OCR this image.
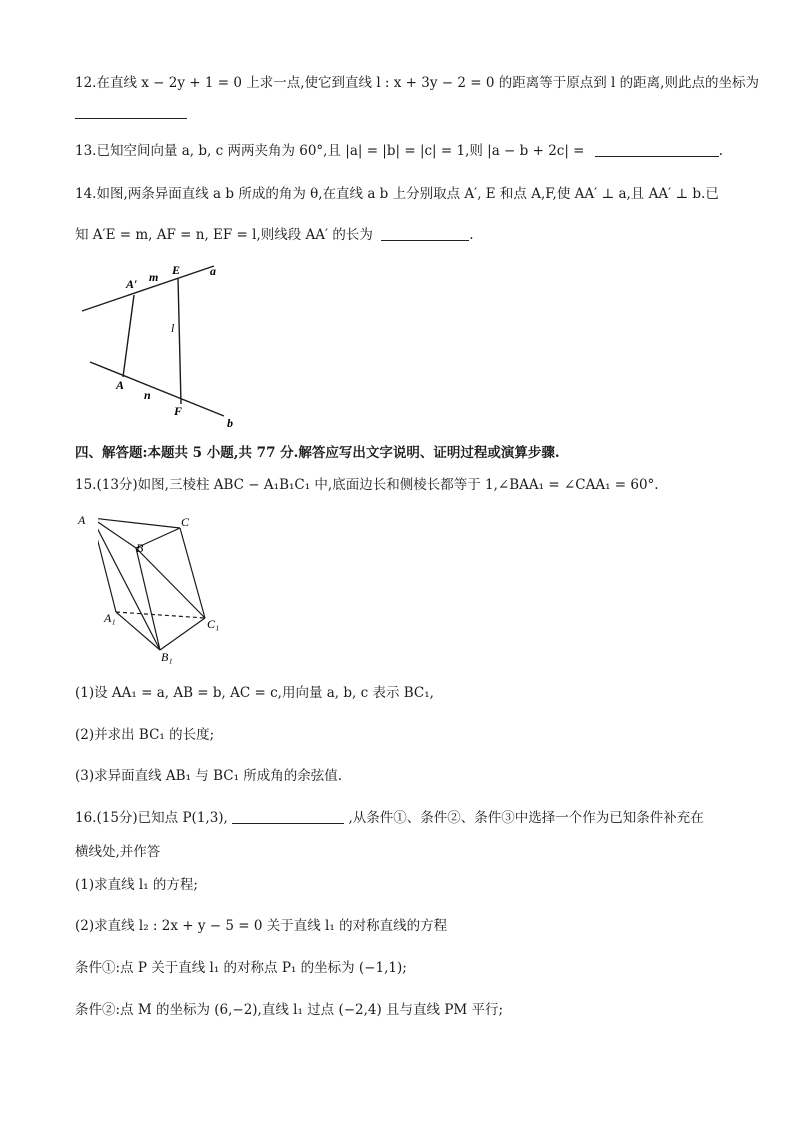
12.在直线 x − 2y + 1 = 0 上求一点,使它到直线 l : x + 3y − 2 = 0 的距离等于原点到 l 的距离,则此点的坐标为
13.已知空间向量 a, b, c 两两夹角为 60°,且 |a| = |b| = |c| = 1,则 |a − b + 2c| =	.
14.如图,两条异面直线 a b 所成的角为 θ,在直线 a b 上分别取点 A′, E 和点 A,F,使 AA′ ⊥ a,且 AA′ ⊥ b.已
知 A′E = m, AF = n, EF = l,则线段 AA′ 的长为	.
A′ m E a
l
A
n
F
b
四、解答题:本题共 5 小题,共 77 分.解答应写出文字说明、证明过程或演算步骤.
15.(13分)如图,三棱柱 ABC − A₁B₁C₁ 中,底面边长和侧棱长都等于 1,∠BAA₁ = ∠CAA₁ = 60°.
A	C
B
A₁	C₁
B₁
(1)设 AA₁ = a, AB = b, AC = c,用向量 a, b, c 表示 BC₁,
(2)并求出 BC₁ 的长度;
(3)求异面直线 AB₁ 与 BC₁ 所成角的余弦值.
16.(15分)已知点 P(1,3),	,从条件①、条件②、条件③中选择一个作为已知条件补充在
横线处,并作答
(1)求直线 l₁ 的方程;
(2)求直线 l₂ : 2x + y − 5 = 0 关于直线 l₁ 的对称直线的方程
条件①:点 P 关于直线 l₁ 的对称点 P₁ 的坐标为 (−1,1);
条件②:点 M 的坐标为 (6,−2),直线 l₁ 过点 (−2,4) 且与直线 PM 平行;
